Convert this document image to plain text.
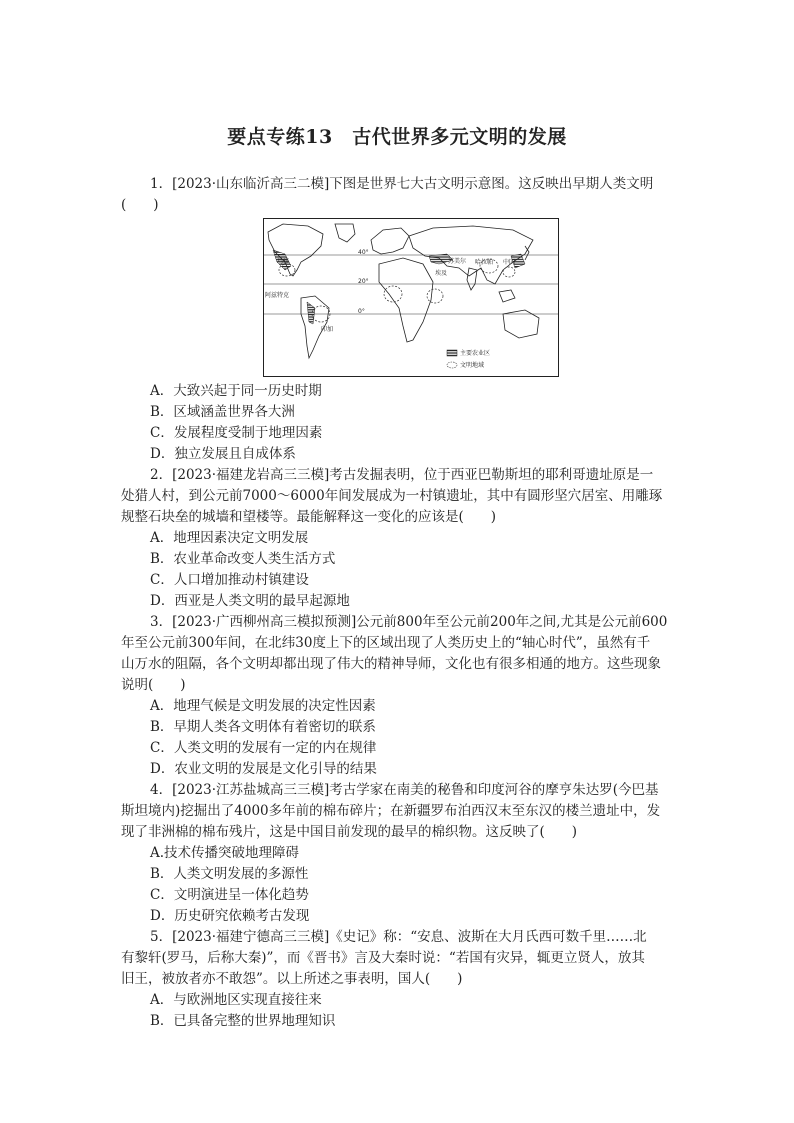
要点专练13　古代世界多元文明的发展
1．[2023·山东临沂高三二模]下图是世界七大古文明示意图。这反映出早期人类文明
(　　)
玛雅
阿兹特克
印加
苏美尔
埃及
哈拉帕 中国
40°
20°
0°
主要农业区
文明地域
A．大致兴起于同一历史时期
B．区域涵盖世界各大洲
C．发展程度受制于地理因素
D．独立发展且自成体系
2．[2023·福建龙岩高三三模]考古发掘表明，位于西亚巴勒斯坦的耶利哥遗址原是一
处猎人村，到公元前7000～6000年间发展成为一村镇遗址，其中有圆形坚穴居室、用雕琢
规整石块垒的城墙和望楼等。最能解释这一变化的应该是(　　)
A．地理因素决定文明发展
B．农业革命改变人类生活方式
C．人口增加推动村镇建设
D．西亚是人类文明的最早起源地
3．[2023·广西柳州高三模拟预测]公元前800年至公元前200年之间,尤其是公元前600
年至公元前300年间，在北纬30度上下的区域出现了人类历史上的“轴心时代”，虽然有千
山万水的阻隔，各个文明却都出现了伟大的精神导师，文化也有很多相通的地方。这些现象
说明(　　)
A．地理气候是文明发展的决定性因素
B．早期人类各文明体有着密切的联系
C．人类文明的发展有一定的内在规律
D．农业文明的发展是文化引导的结果
4．[2023·江苏盐城高三三模]考古学家在南美的秘鲁和印度河谷的摩亨朱达罗(今巴基
斯坦境内)挖掘出了4000多年前的棉布碎片；在新疆罗布泊西汉末至东汉的楼兰遗址中，发
现了非洲棉的棉布残片，这是中国目前发现的最早的棉织物。这反映了(　　)
A.技术传播突破地理障碍
B．人类文明发展的多源性
C．文明演进呈一体化趋势
D．历史研究依赖考古发现
5．[2023·福建宁德高三三模]《史记》称：“安息、波斯在大月氏西可数千里……北
有黎轩(罗马，后称大秦)”，而《晋书》言及大秦时说：“若国有灾异，辄更立贤人，放其
旧王，被放者亦不敢怨”。以上所述之事表明，国人(　　)
A．与欧洲地区实现直接往来
B．已具备完整的世界地理知识
